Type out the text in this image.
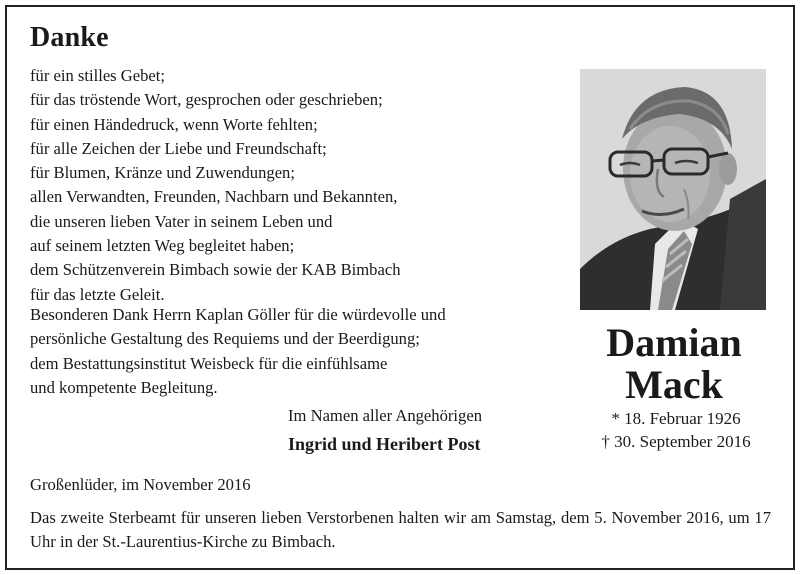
Danke
für ein stilles Gebet;
für das tröstende Wort, gesprochen oder geschrieben;
für einen Händedruck, wenn Worte fehlten;
für alle Zeichen der Liebe und Freundschaft;
für Blumen, Kränze und Zuwendungen;
allen Verwandten, Freunden, Nachbarn und Bekannten,
die unseren lieben Vater in seinem Leben und
auf seinem letzten Weg begleitet haben;
dem Schützenverein Bimbach sowie der KAB Bimbach
für das letzte Geleit.
Besonderen Dank Herrn Kaplan Göller für die würdevolle und
persönliche Gestaltung des Requiems und der Beerdigung;
dem Bestattungsinstitut Weisbeck für die einfühlsame
und kompetente Begleitung.
Damian
Mack
* 18. Februar 1926
† 30. September 2016
Im Namen aller Angehörigen
Ingrid und Heribert Post
Großenlüder, im November 2016
Das zweite Sterbeamt für unseren lieben Verstorbenen halten wir am Samstag, dem 5. November 2016, um 17 Uhr in der St.-Laurentius-Kirche zu Bimbach.
